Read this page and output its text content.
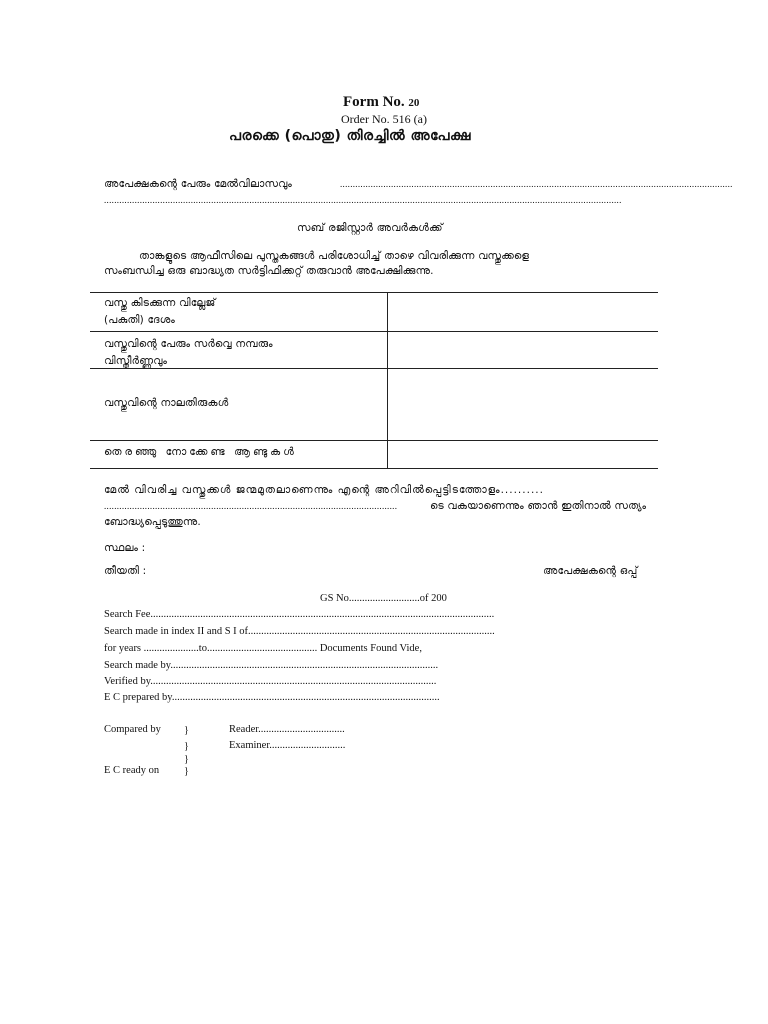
Form No. 20
Order No. 516 (a)
പരക്കെ (പൊതു) തിരച്ചിൽ അപേക്ഷ
അപേക്ഷകന്റെ പേരും മേൽവിലാസവും	..........................................................................................................................................................
...........................................................................................................................................................................................................
സബ് രജിസ്റ്റാർ അവർകൾക്ക്
താങ്കളുടെ ആഫീസിലെ പുസ്തകങ്ങൾ പരിശോധിച്ച് താഴെ വിവരിക്കുന്ന വസ്തുക്കളെ
സംബന്ധിച്ച ഒരു ബാദ്ധ്യത സർട്ടിഫിക്കറ്റ് തരുവാൻ അപേക്ഷിക്കുന്നു.
വസ്തു കിടക്കുന്ന വില്ലേജ്
(പകുതി) ദേശം
വസ്തുവിന്റെ പേരും സർവ്വെ നമ്പരും
വിസ്തീർണ്ണവും
വസ്തുവിന്റെ നാലതിരുകൾ
തെരഞ്ഞു നോക്കേണ്ട ആണ്ടുകൾ
മേൽ വിവരിച്ച വസ്തുക്കൾ ജന്മമുതലാണെന്നും എന്റെ അറിവിൽപ്പെട്ടിടത്തോളം..........
...................................................................................................................	ടെ വകയാണെന്നും ഞാൻ ഇതിനാൽ സത്യം
ബോദ്ധ്യപ്പെടുത്തുന്നു.
സ്ഥലം :
തീയതി :	അപേക്ഷകന്റെ ഒപ്പ്
GS No...........................of 200
Search Fee...................................................................................................................................
Search made in index II and S I of..............................................................................................
for years .....................to.......................................... Documents Found Vide,
Search made by......................................................................................................
Verified by.............................................................................................................
E C prepared by......................................................................................................
Compared by }	Reader.................................
}	Examiner.............................
}
E C ready on }
